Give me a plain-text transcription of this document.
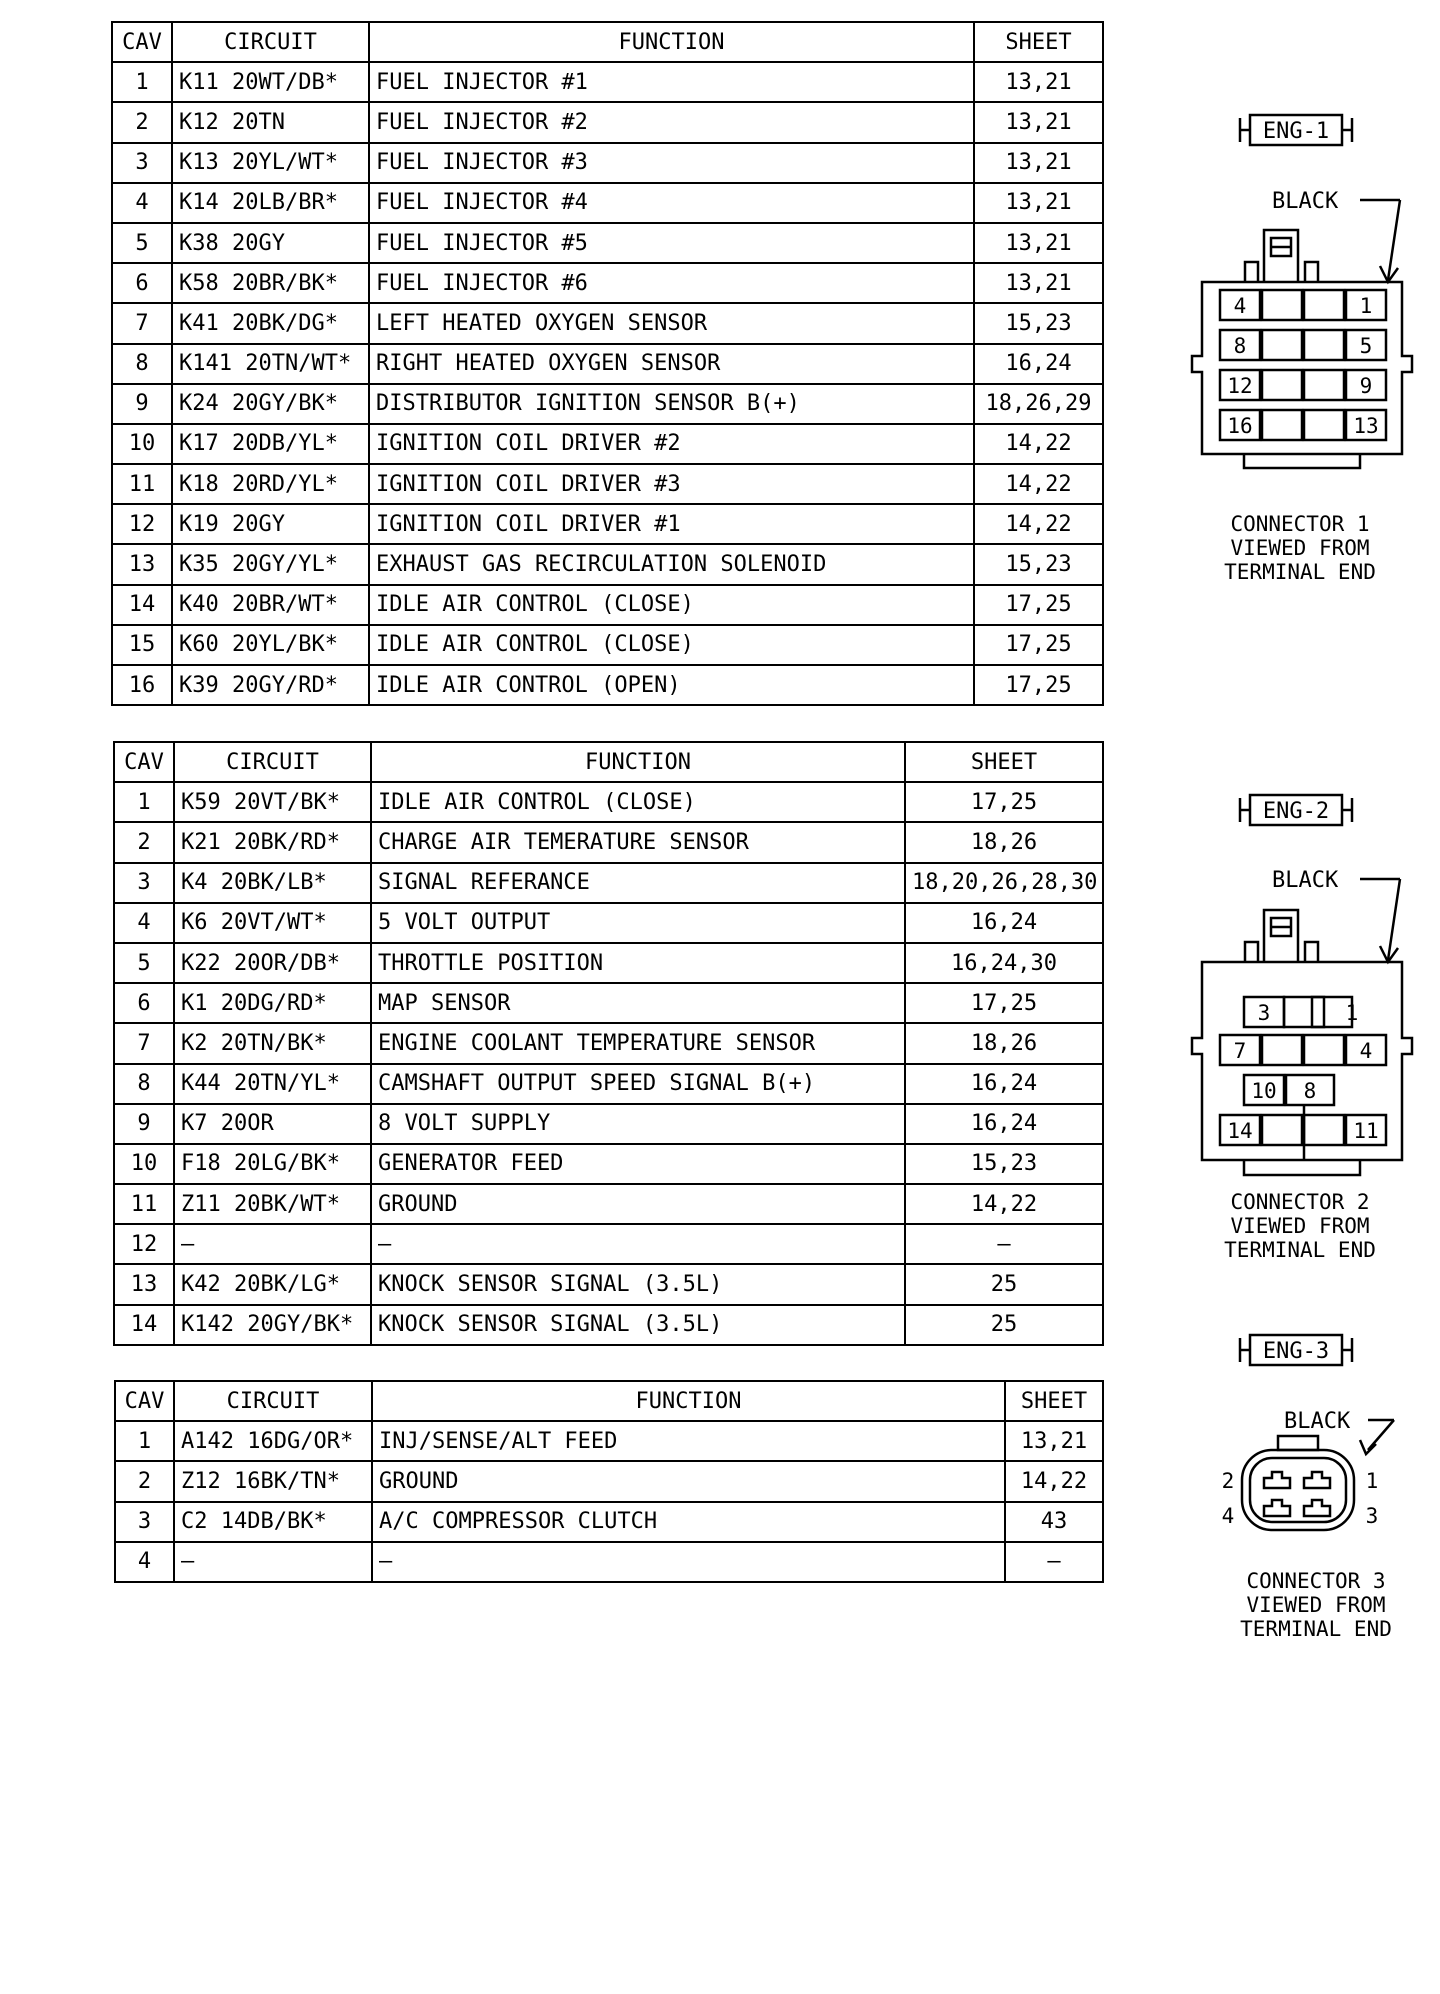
CAV	CIRCUIT	FUNCTION	SHEET
1	K11 20WT/DB*	FUEL INJECTOR #1	13,21
2	K12 20TN	FUEL INJECTOR #2	13,21
3	K13 20YL/WT*	FUEL INJECTOR #3	13,21
4	K14 20LB/BR*	FUEL INJECTOR #4	13,21
5	K38 20GY	FUEL INJECTOR #5	13,21
6	K58 20BR/BK*	FUEL INJECTOR #6	13,21
7	K41 20BK/DG*	LEFT HEATED OXYGEN SENSOR	15,23
8	K141 20TN/WT*	RIGHT HEATED OXYGEN SENSOR	16,24
9	K24 20GY/BK*	DISTRIBUTOR IGNITION SENSOR B(+)	18,26,29
10	K17 20DB/YL*	IGNITION COIL DRIVER #2	14,22
11	K18 20RD/YL*	IGNITION COIL DRIVER #3	14,22
12	K19 20GY	IGNITION COIL DRIVER #1	14,22
13	K35 20GY/YL*	EXHAUST GAS RECIRCULATION SOLENOID	15,23
14	K40 20BR/WT*	IDLE AIR CONTROL (CLOSE)	17,25
15	K60 20YL/BK*	IDLE AIR CONTROL (CLOSE)	17,25
16	K39 20GY/RD*	IDLE AIR CONTROL (OPEN)	17,25
CAV	CIRCUIT	FUNCTION	SHEET
1	K59 20VT/BK*	IDLE AIR CONTROL (CLOSE)	17,25
2	K21 20BK/RD*	CHARGE AIR TEMERATURE SENSOR	18,26
3	K4 20BK/LB*	SIGNAL REFERANCE	18,20,26,28,30
4	K6 20VT/WT*	5 VOLT OUTPUT	16,24
5	K22 20OR/DB*	THROTTLE POSITION	16,24,30
6	K1 20DG/RD*	MAP SENSOR	17,25
7	K2 20TN/BK*	ENGINE COOLANT TEMPERATURE SENSOR	18,26
8	K44 20TN/YL*	CAMSHAFT OUTPUT SPEED SIGNAL B(+)	16,24
9	K7 20OR	8 VOLT SUPPLY	16,24
10	F18 20LG/BK*	GENERATOR FEED	15,23
11	Z11 20BK/WT*	GROUND	14,22
12	—	—	—
13	K42 20BK/LG*	KNOCK SENSOR SIGNAL (3.5L)	25
14	K142 20GY/BK*	KNOCK SENSOR SIGNAL (3.5L)	25
CAV	CIRCUIT	FUNCTION	SHEET
1	A142 16DG/OR*	INJ/SENSE/ALT FEED	13,21
2	Z12 16BK/TN*	GROUND	14,22
3	C2 14DB/BK*	A/C COMPRESSOR CLUTCH	43
4	—	—	—
ENG-1
BLACK
4	1
8	5
12	9
16	13
CONNECTOR 1
VIEWED FROM
TERMINAL END
ENG-2
BLACK
3	1
7	4
10 8
14	11
CONNECTOR 2
VIEWED FROM
TERMINAL END
ENG-3
BLACK
2	1
4	3
CONNECTOR 3
VIEWED FROM
TERMINAL END
